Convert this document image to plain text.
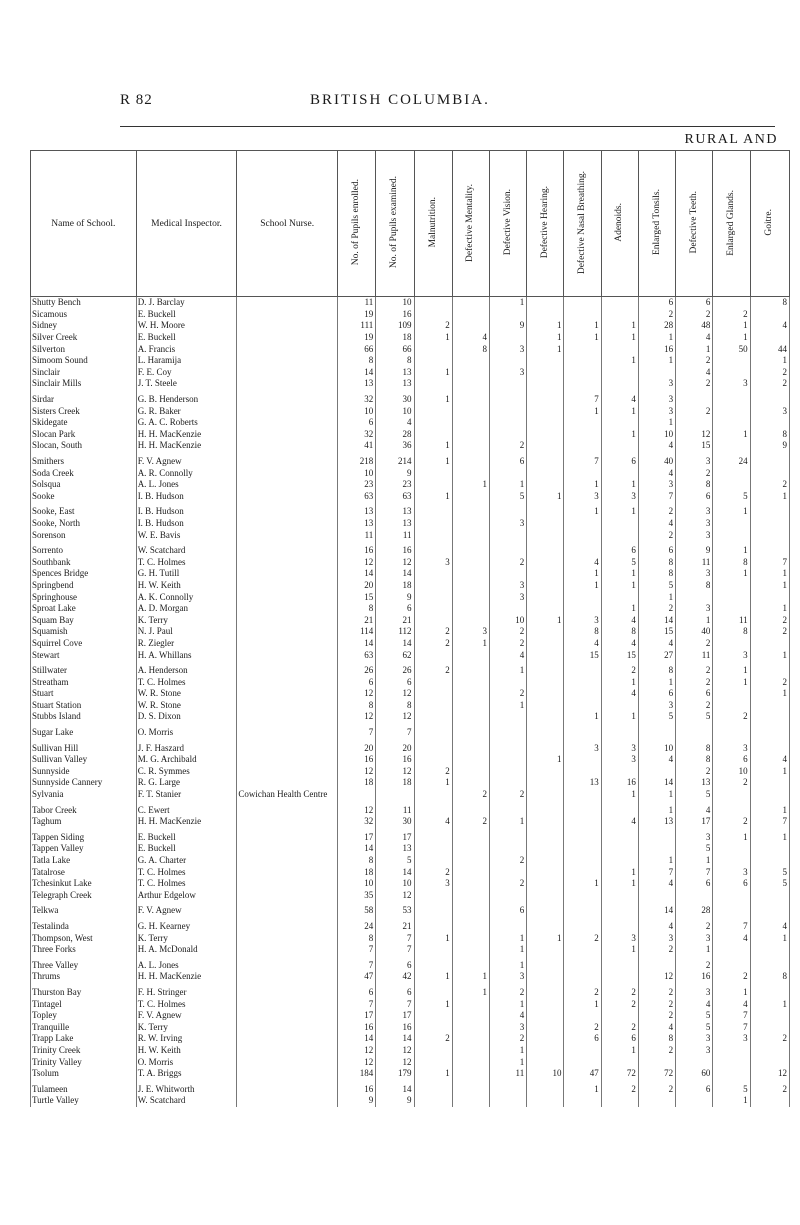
R 82	BRITISH COLUMBIA.
RURAL AND
Name of School.	Medical Inspector.	School Nurse.	No. of Pupils enrolled.	No. of Pupils examined.	Malnutrition.	Defective Mentality.	Defective Vision.	Defective Hearing.	Defective Nasal Breathing.	Adenoids.	Enlarged Tonsils.	Defective Teeth.	Enlarged Glands.	Goitre.
Shutty Bench	D. J. Barclay		11	10			1				6	6		8
Sicamous	E. Buckell		19	16							2	2	2	
Sidney	W. H. Moore		111	109	2		9	1	1	1	28	48	1	4
Silver Creek	E. Buckell		19	18	1	4		1	1	1	1	4	1	
Silverton	A. Francis		66	66		8	3	1			16	1	50	44
Simoom Sound	L. Haramija		8	8						1	1	2		1
Sinclair	F. E. Coy		14	13	1		3					4		2
Sinclair Mills	J. T. Steele		13	13							3	2	3	2

Sirdar	G. B. Henderson		32	30	1				7	4	3			
Sisters Creek	G. R. Baker		10	10					1	1	3	2		3
Skidegate	G. A. C. Roberts		6	4							1			
Slocan Park	H. H. MacKenzie		32	28						1	10	12	1	8
Slocan, South	H. H. MacKenzie		41	36	1		2				4	15		9

Smithers	F. V. Agnew		218	214	1		6		7	6	40	3	24	
Soda Creek	A. R. Connolly		10	9							4	2		
Solsqua	A. L. Jones		23	23		1	1		1	1	3	8		2
Sooke	I. B. Hudson		63	63	1		5	1	3	3	7	6	5	1

Sooke, East	I. B. Hudson		13	13					1	1	2	3	1	
Sooke, North	I. B. Hudson		13	13			3				4	3		
Sorenson	W. E. Bavis		11	11							2	3		

Sorrento	W. Scatchard		16	16						6	6	9	1	
Southbank	T. C. Holmes		12	12	3		2		4	5	8	11	8	7
Spences Bridge	G. H. Tutill		14	14					1	1	8	3	1	1
Springbend	H. W. Keith		20	18			3		1	1	5	8		1
Springhouse	A. K. Connolly		15	9			3				1			
Sproat Lake	A. D. Morgan		8	6						1	2	3		1
Squam Bay	K. Terry		21	21			10	1	3	4	14	1	11	2
Squamish	N. J. Paul		114	112	2	3	2		8	8	15	40	8	2
Squirrel Cove	R. Ziegler		14	14	2	1	2		4	4	4	2		
Stewart	H. A. Whillans		63	62			4		15	15	27	11	3	1

Stillwater	A. Henderson		26	26	2		1			2	8	2	1	
Streatham	T. C. Holmes		6	6						1	1	2	1	2
Stuart	W. R. Stone		12	12			2			4	6	6		1
Stuart Station	W. R. Stone		8	8			1				3	2		
Stubbs Island	D. S. Dixon		12	12					1	1	5	5	2	

Sugar Lake	O. Morris		7	7										

Sullivan Hill	J. F. Haszard		20	20					3	3	10	8	3	
Sullivan Valley	M. G. Archibald		16	16				1		3	4	8	6	4
Sunnyside	C. R. Symmes		12	12	2							2	10	1
Sunnyside Cannery	R. G. Large		18	18	1				13	16	14	13	2	
Sylvania	F. T. Stanier	Cowichan Health Centre				2	2			1	1	5		

Tabor Creek	C. Ewert		12	11							1	4		1
Taghum	H. H. MacKenzie		32	30	4	2	1			4	13	17	2	7

Tappen Siding	E. Buckell		17	17								3	1	1
Tappen Valley	E. Buckell		14	13								5		
Tatla Lake	G. A. Charter		8	5			2				1	1		
Tatalrose	T. C. Holmes		18	14	2					1	7	7	3	5
Tchesinkut Lake	T. C. Holmes		10	10	3		2		1	1	4	6	6	5
Telegraph Creek	Arthur Edgelow		35	12										

Telkwa	F. V. Agnew		58	53			6				14	28		

Testalinda	G. H. Kearney		24	21							4	2	7	4
Thompson, West	K. Terry		8	7	1		1	1	2	3	3	3	4	1
Three Forks	H. A. McDonald		7	7			1			1	2	1		

Three Valley	A. L. Jones		7	6			1					2		
Thrums	H. H. MacKenzie		47	42	1	1	3				12	16	2	8

Thurston Bay	F. H. Stringer		6	6		1	2		2	2	2	3	1	
Tintagel	T. C. Holmes		7	7	1		1		1	2	2	4	4	1
Topley	F. V. Agnew		17	17			4				2	5	7	
Tranquille	K. Terry		16	16			3		2	2	4	5	7	
Trapp Lake	R. W. Irving		14	14	2		2		6	6	8	3	3	2
Trinity Creek	H. W. Keith		12	12			1			1	2	3		
Trinity Valley	O. Morris		12	12			1							
Tsolum	T. A. Briggs		184	179	1		11	10	47	72	72	60		12

Tulameen	J. E. Whitworth		16	14					1	2	2	6	5	2
Turtle Valley	W. Scatchard		9	9									1	
